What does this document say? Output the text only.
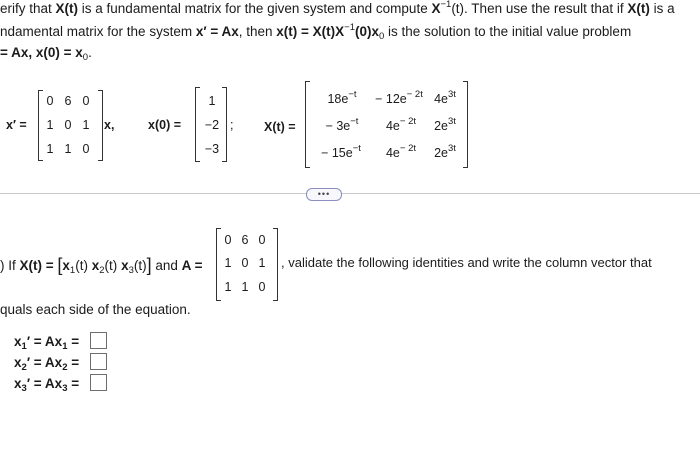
erify that X(t) is a fundamental matrix for the given system and compute $X^{-1}(t)$. Then use the result that if X(t) is a
ndamental matrix for the system x′ = Ax, then $x(t) = X(t)X^{-1}(0)x_0$ is the solution to the initial value problem
= Ax, $x(0) = x_0$.
x′ =
0 6 0
1 0 1
1 1 0
x,	x(0) =
1
−2
−3
; X(t) =
$18e^{-t}$	− $12e^{- 2t}$ $4e^{3t}$
− $3e^{-t}$	$4e^{- 2t}$	$2e^{3t}$
− $15e^{-t}$	$4e^{- 2t}$	$2e^{3t}$
•••
) If $X(t) = [x_1(t)$ $x_2(t)$ $x_3(t)$] and A =
0 6 0
1 0 1
1 1 0
, validate the following identities and write the column vector that
quals each side of the equation.
$x_1' = Ax_1$ =
$x_2' = Ax_2$ =
$x_3' = Ax_3$ =
